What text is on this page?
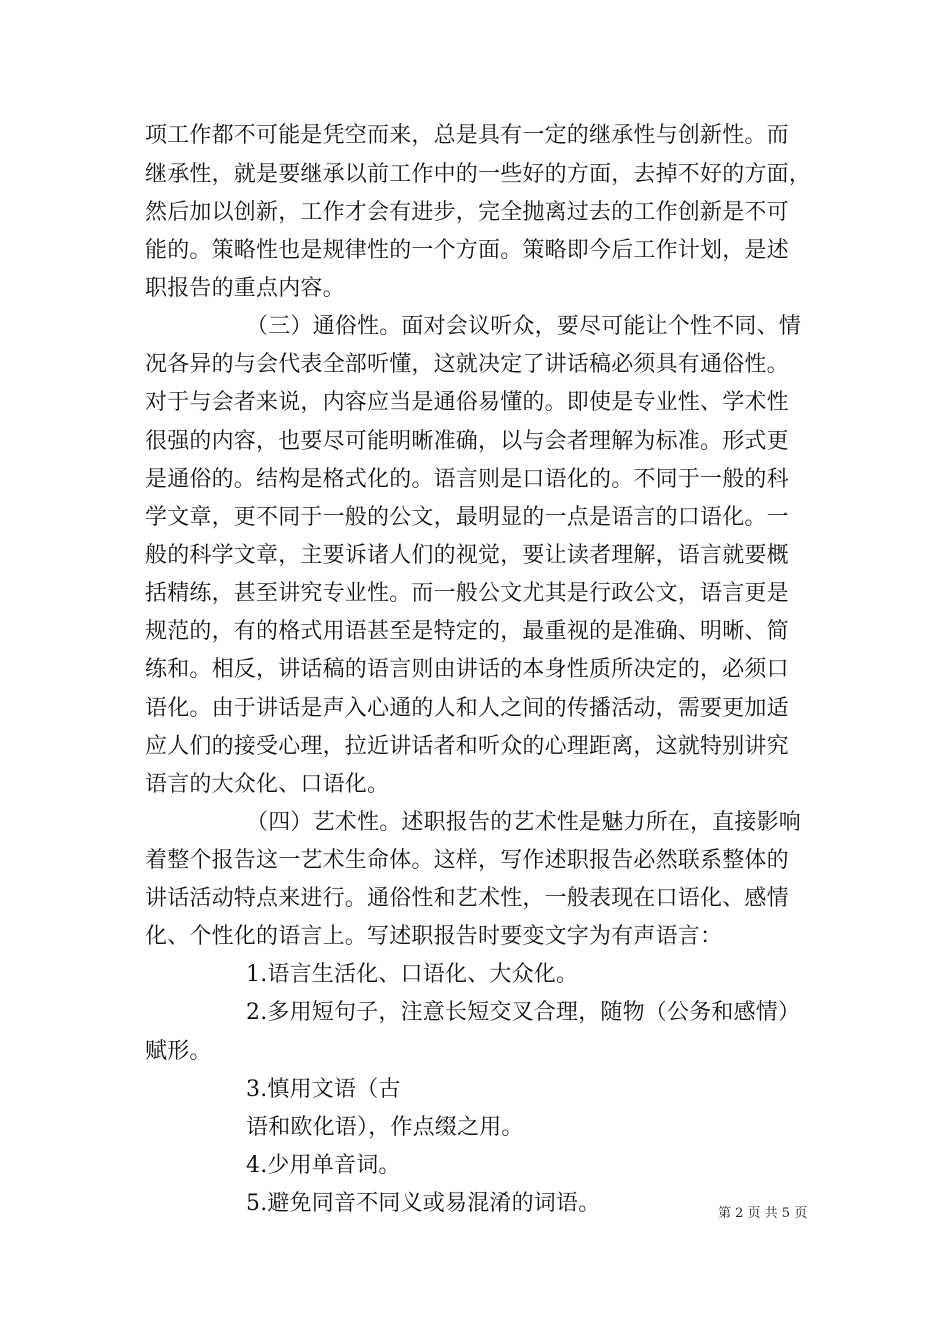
项工作都不可能是凭空而来，总是具有一定的继承性与创新性。而
继承性，就是要继承以前工作中的一些好的方面，去掉不好的方面，
然后加以创新，工作才会有进步，完全抛离过去的工作创新是不可
能的。策略性也是规律性的一个方面。策略即今后工作计划，是述
职报告的重点内容。
（三）通俗性。面对会议听众，要尽可能让个性不同、情
况各异的与会代表全部听懂，这就决定了讲话稿必须具有通俗性。
对于与会者来说，内容应当是通俗易懂的。即使是专业性、学术性
很强的内容，也要尽可能明晰准确，以与会者理解为标准。形式更
是通俗的。结构是格式化的。语言则是口语化的。不同于一般的科
学文章，更不同于一般的公文，最明显的一点是语言的口语化。一
般的科学文章，主要诉诸人们的视觉，要让读者理解，语言就要概
括精练，甚至讲究专业性。而一般公文尤其是行政公文，语言更是
规范的，有的格式用语甚至是特定的，最重视的是准确、明晰、简
练和。相反，讲话稿的语言则由讲话的本身性质所决定的，必须口
语化。由于讲话是声入心通的人和人之间的传播活动，需要更加适
应人们的接受心理，拉近讲话者和听众的心理距离，这就特别讲究
语言的大众化、口语化。
（四）艺术性。述职报告的艺术性是魅力所在，直接影响
着整个报告这一艺术生命体。这样，写作述职报告必然联系整体的
讲话活动特点来进行。通俗性和艺术性，一般表现在口语化、感情
化、个性化的语言上。写述职报告时要变文字为有声语言：
1.语言生活化、口语化、大众化。
2.多用短句子，注意长短交叉合理，随物（公务和感情）
赋形。
3.慎用文语（古
语和欧化语），作点缀之用。
4.少用单音词。
5.避免同音不同义或易混淆的词语。	第 2 页 共 5 页
